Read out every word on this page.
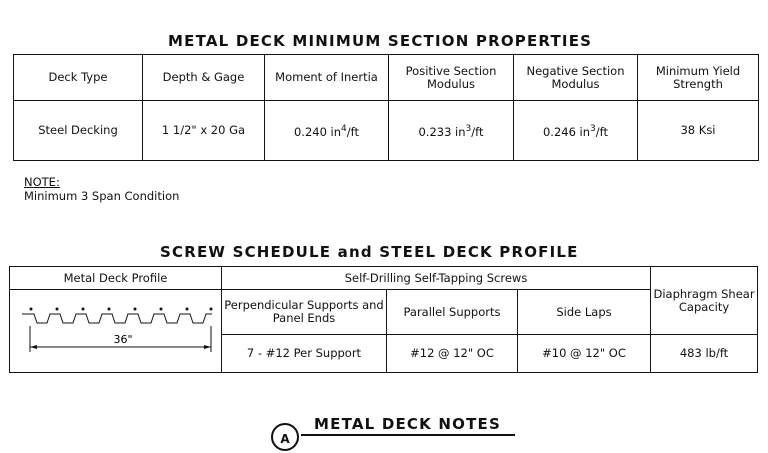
METAL DECK MINIMUM SECTION PROPERTIES
Deck Type	Depth & Gage	Moment of Inertia	Positive Section Modulus	Negative Section Modulus	Minimum Yield Strength
Steel Decking	1 1/2" x 20 Ga	0.240 $in^4/ft$	0.233 $in^3/ft$	0.246 $in^3/ft$	38 Ksi
NOTE:
Minimum 3 Span Condition
SCREW SCHEDULE and STEEL DECK PROFILE
Metal Deck Profile	Self-Drilling Self-Tapping Screws			Diaphragm Shear Capacity

36"	Perpendicular Supports and Panel Ends	Parallel Supports	Side Laps	
	7 - #12 Per Support	#12 @ 12" OC	#10 @ 12" OC	483 lb/ft
A
METAL DECK NOTES
